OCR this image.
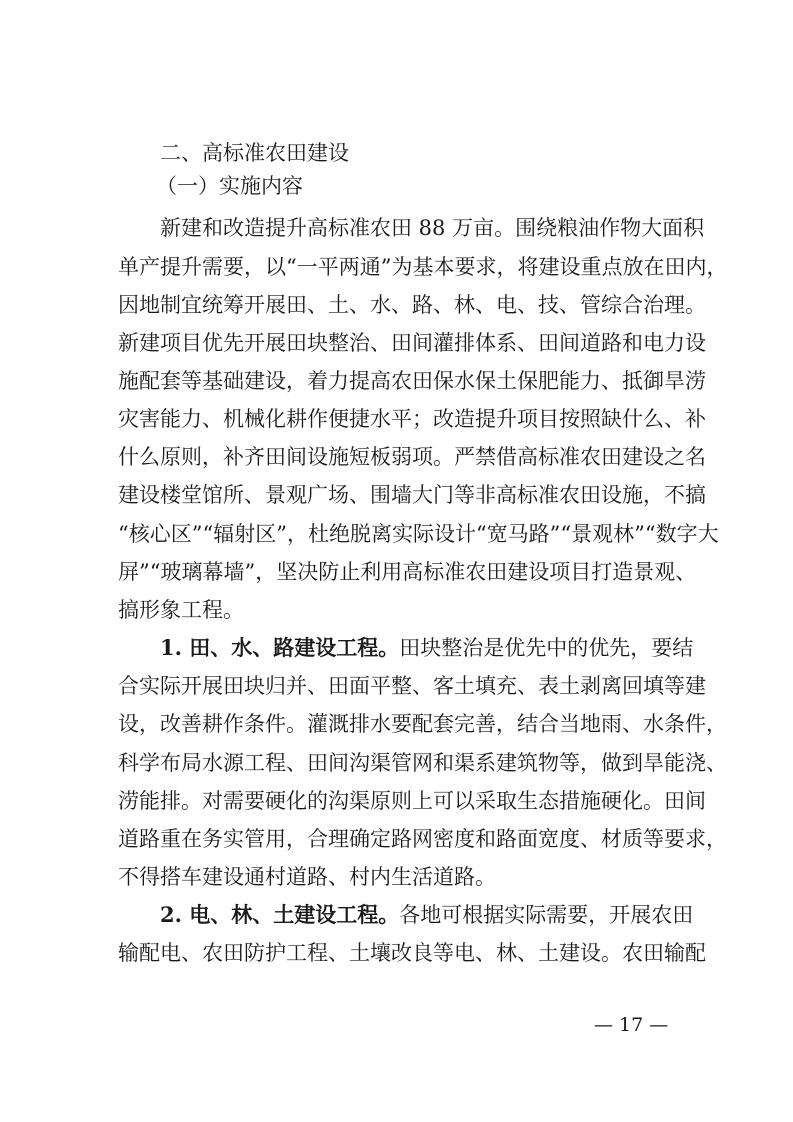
二、高标准农田建设
（一）实施内容
新建和改造提升高标准农田 88 万亩。围绕粮油作物大面积
单产提升需要，以“一平两通”为基本要求，将建设重点放在田内，
因地制宜统筹开展田、土、水、路、林、电、技、管综合治理。
新建项目优先开展田块整治、田间灌排体系、田间道路和电力设
施配套等基础建设，着力提高农田保水保土保肥能力、抵御旱涝
灾害能力、机械化耕作便捷水平；改造提升项目按照缺什么、补
什么原则，补齐田间设施短板弱项。严禁借高标准农田建设之名
建设楼堂馆所、景观广场、围墙大门等非高标准农田设施，不搞
“核心区”“辐射区”，杜绝脱离实际设计“宽马路”“景观林”“数字大
屏”“玻璃幕墙”，坚决防止利用高标准农田建设项目打造景观、
搞形象工程。
1. 田、水、路建设工程。田块整治是优先中的优先，要结
合实际开展田块归并、田面平整、客土填充、表土剥离回填等建
设，改善耕作条件。灌溉排水要配套完善，结合当地雨、水条件，
科学布局水源工程、田间沟渠管网和渠系建筑物等，做到旱能浇、
涝能排。对需要硬化的沟渠原则上可以采取生态措施硬化。田间
道路重在务实管用，合理确定路网密度和路面宽度、材质等要求，
不得搭车建设通村道路、村内生活道路。
2. 电、林、土建设工程。各地可根据实际需要，开展农田
输配电、农田防护工程、土壤改良等电、林、土建设。农田输配
— 17 —
